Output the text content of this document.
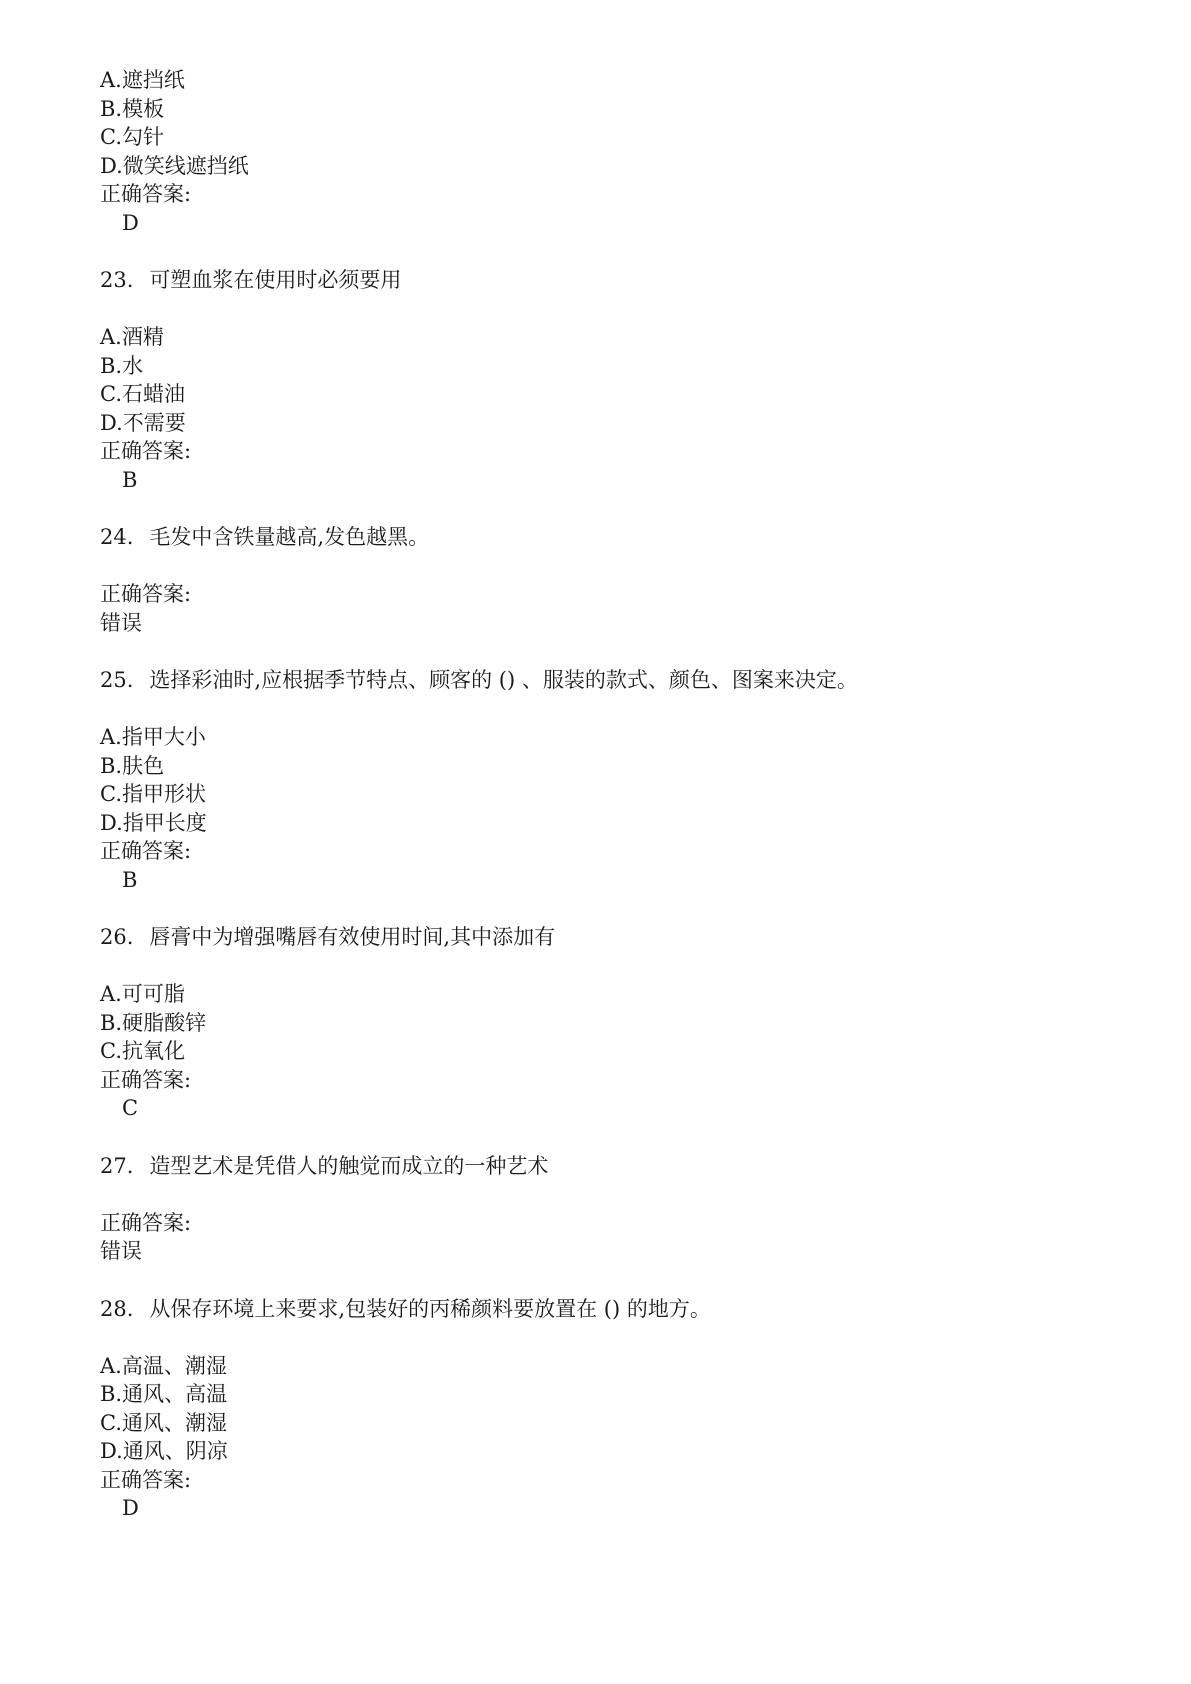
A.遮挡纸
B.模板
C.勾针
D.微笑线遮挡纸
正确答案:
D
23. 可塑血浆在使用时必须要用
A.酒精
B.水
C.石蜡油
D.不需要
正确答案:
B
24. 毛发中含铁量越高,发色越黑。
正确答案:
错误
25. 选择彩油时,应根据季节特点、顾客的 () 、服装的款式、颜色、图案来决定。
A.指甲大小
B.肤色
C.指甲形状
D.指甲长度
正确答案:
B
26. 唇膏中为增强嘴唇有效使用时间,其中添加有
A.可可脂
B.硬脂酸锌
C.抗氧化
正确答案:
C
27. 造型艺术是凭借人的触觉而成立的一种艺术
正确答案:
错误
28. 从保存环境上来要求,包装好的丙稀颜料要放置在 () 的地方。
A.高温、潮湿
B.通风、高温
C.通风、潮湿
D.通风、阴凉
正确答案:
D
